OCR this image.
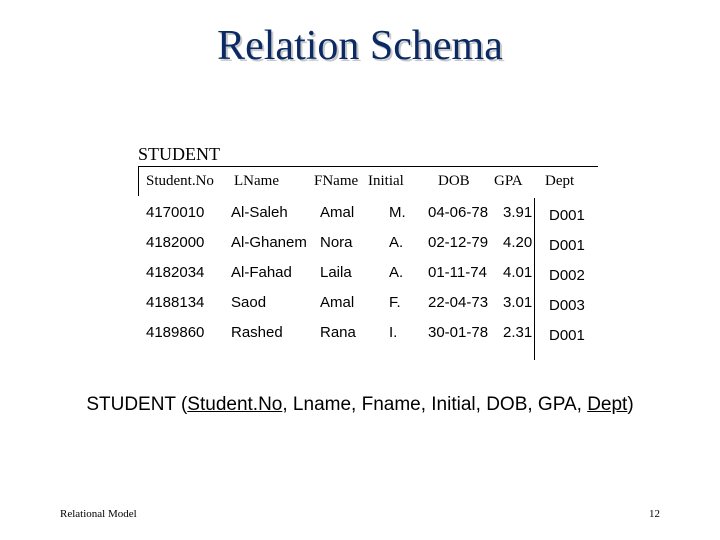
Relation Schema
STUDENT
Student.No LName FName Initial DOB GPA Dept
4170010 Al-Saleh Amal M. 04-06-78 3.91 D001
4182000 Al-Ghanem Nora A. 02-12-79 4.20 D001
4182034 Al-Fahad Laila A. 01-11-74 4.01 D002
4188134 Saod	Amal F. 22-04-73 3.01 D003
4189860 Rashed Rana I. 30-01-78 2.31 D001
STUDENT (Student.No, Lname, Fname, Initial, DOB, GPA, Dept)
Relational Model	12
